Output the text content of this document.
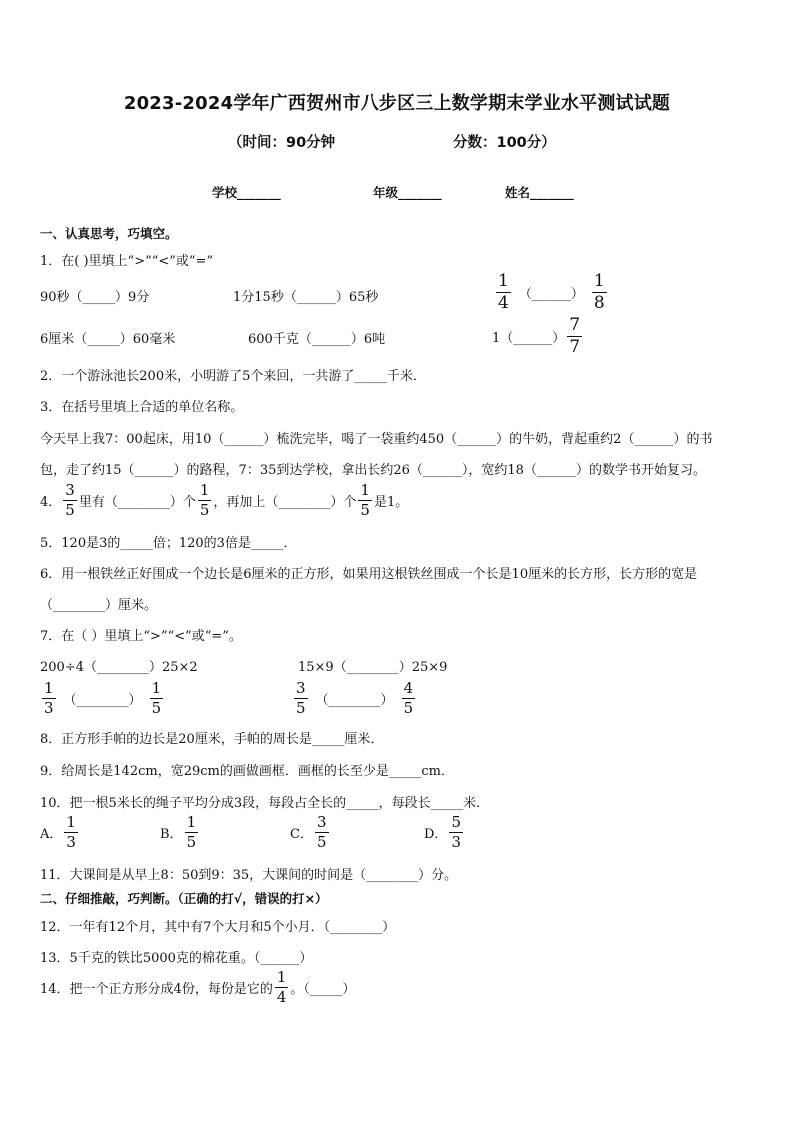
2023-2024学年广西贺州市八步区三上数学期末学业水平测试试题
（时间：90分钟	分数：100分）
学校_______	年级_______	姓名_______
一、认真思考，巧填空。
1．在( )里填上“>”“<”或“=”
90秒（_____）9分	1分15秒（______）65秒	$\frac{1}{4}$ （______） $\frac{1}{8}$
6厘米（_____）60毫米	600千克（______）6吨	1（______） $\frac{7}{7}$
2．一个游泳池长200米，小明游了5个来回，一共游了_____千米．
3．在括号里填上合适的单位名称。
今天早上我7：00起床，用10（______）梳洗完毕，喝了一袋重约450（______）的牛奶，背起重约2（______）的书
包，走了约15（______）的路程，7：35到达学校，拿出长约26（______），宽约18（______）的数学书开始复习。
4． $\frac{3}{5}$ 里有（________）个 $\frac{1}{5}$ ，再加上（________）个 $\frac{1}{5}$ 是1。
5．120是3的_____倍；120的3倍是_____．
6．用一根铁丝正好围成一个边长是6厘米的正方形，如果用这根铁丝围成一个长是10厘米的长方形，长方形的宽是
（________）厘米。
7．在（ ）里填上“>”“<”或“=”。
200÷4（________）25×2	15×9（________）25×9
$\frac{1}{3}$ （________） $\frac{1}{5}$	$\frac{3}{5}$ （________） $\frac{4}{5}$
8．正方形手帕的边长是20厘米，手帕的周长是_____厘米．
9．给周长是142cm，宽29cm的画做画框．画框的长至少是_____cm．
10．把一根5米长的绳子平均分成3段，每段占全长的_____，每段长_____米．
A． $\frac{1}{3}$	B． $\frac{1}{5}$	C． $\frac{3}{5}$	D． $\frac{5}{3}$
11．大课间是从早上8：50到9：35，大课间的时间是（________）分。
二、仔细推敲，巧判断。（正确的打√，错误的打×）
12．一年有12个月，其中有7个大月和5个小月．（________）
13．5千克的铁比5000克的棉花重。（______）
14．把一个正方形分成4份，每份是它的 $\frac{1}{4}$ 。（_____）
